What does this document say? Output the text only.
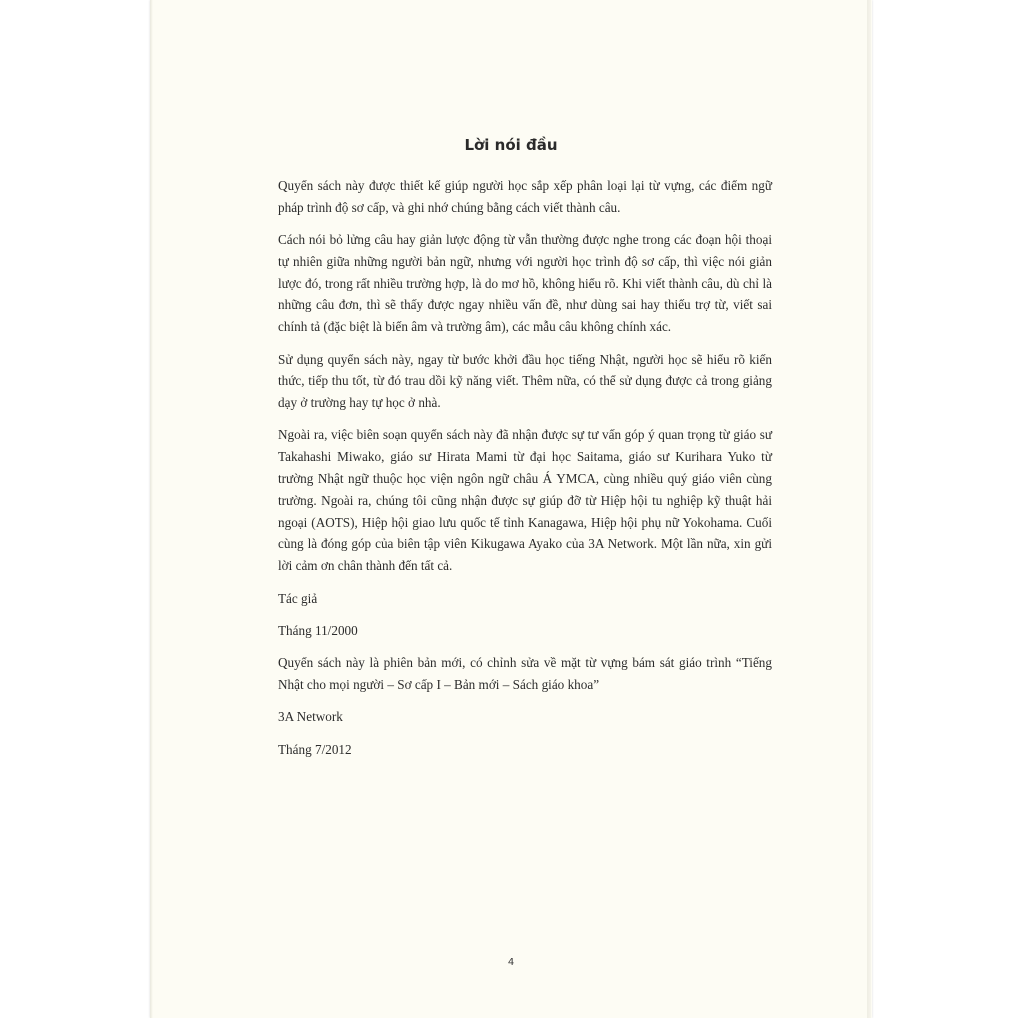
Lời nói đầu

Quyển sách này được thiết kế giúp người học sắp xếp phân loại lại từ vựng, các điểm ngữ pháp trình độ sơ cấp, và ghi nhớ chúng bằng cách viết thành câu.

Cách nói bỏ lửng câu hay giản lược động từ vẫn thường được nghe trong các đoạn hội thoại tự nhiên giữa những người bản ngữ, nhưng với người học trình độ sơ cấp, thì việc nói giản lược đó, trong rất nhiều trường hợp, là do mơ hồ, không hiểu rõ. Khi viết thành câu, dù chỉ là những câu đơn, thì sẽ thấy được ngay nhiều vấn đề, như dùng sai hay thiếu trợ từ, viết sai chính tả (đặc biệt là biến âm và trường âm), các mẫu câu không chính xác.

Sử dụng quyển sách này, ngay từ bước khởi đầu học tiếng Nhật, người học sẽ hiểu rõ kiến thức, tiếp thu tốt, từ đó trau dồi kỹ năng viết. Thêm nữa, có thể sử dụng được cả trong giảng dạy ở trường hay tự học ở nhà.

Ngoài ra, việc biên soạn quyển sách này đã nhận được sự tư vấn góp ý quan trọng từ giáo sư Takahashi Miwako, giáo sư Hirata Mami từ đại học Saitama, giáo sư Kurihara Yuko từ trường Nhật ngữ thuộc học viện ngôn ngữ châu Á YMCA, cùng nhiều quý giáo viên cùng trường. Ngoài ra, chúng tôi cũng nhận được sự giúp đỡ từ Hiệp hội tu nghiệp kỹ thuật hải ngoại (AOTS), Hiệp hội giao lưu quốc tế tỉnh Kanagawa, Hiệp hội phụ nữ Yokohama. Cuối cùng là đóng góp của biên tập viên Kikugawa Ayako của 3A Network. Một lần nữa, xin gửi lời cảm ơn chân thành đến tất cả.

Tác giả

Tháng 11/2000

Quyển sách này là phiên bản mới, có chỉnh sửa về mặt từ vựng bám sát giáo trình “Tiếng Nhật cho mọi người – Sơ cấp I – Bản mới – Sách giáo khoa”

3A Network

Tháng 7/2012

4
